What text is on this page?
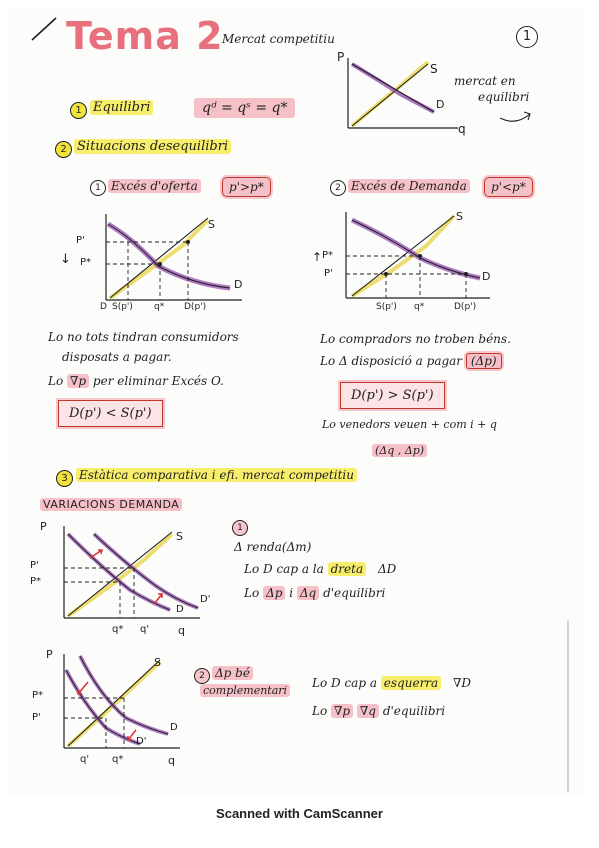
Tema 2
Mercat competitiu	1
P
S
D
q
mercat en
equilibri
1 Equilibri	qᵈ = qˢ = q*
2 Situacions desequilibri
1 Excés d'oferta	p'>p*
P'
P*
↓
S
D
D S(p') q* D(p')
Lo no tots tindran consumidors
disposats a pagar.
Lo ∇p per eliminar Excés O.
D(p') < S(p')
2 Excés de Demanda	p'<p*
↑ P*
P'
S
D
S(p') q*	D(p')
Lo compradors no troben béns.
Lo Δ disposició a pagar (Δp)
D(p') > S(p')
Lo venedors veuen + com i + q
(Δq , Δp)
3 Estàtica comparativa i efi. mercat competitiu
VARIACIONS DEMANDA
P
P'
P*
S
D
D'
q* q'	q
1
Δ renda(Δm)
Lo D cap a la dreta ΔD
Lo Δp i Δq d'equilibri
P
P*
P'
S
D
D'
q' q*	q
2 Δp bé
complementari
Lo D cap a esquerra ∇D
Lo ∇p ∇q d'equilibri
Scanned with CamScanner
